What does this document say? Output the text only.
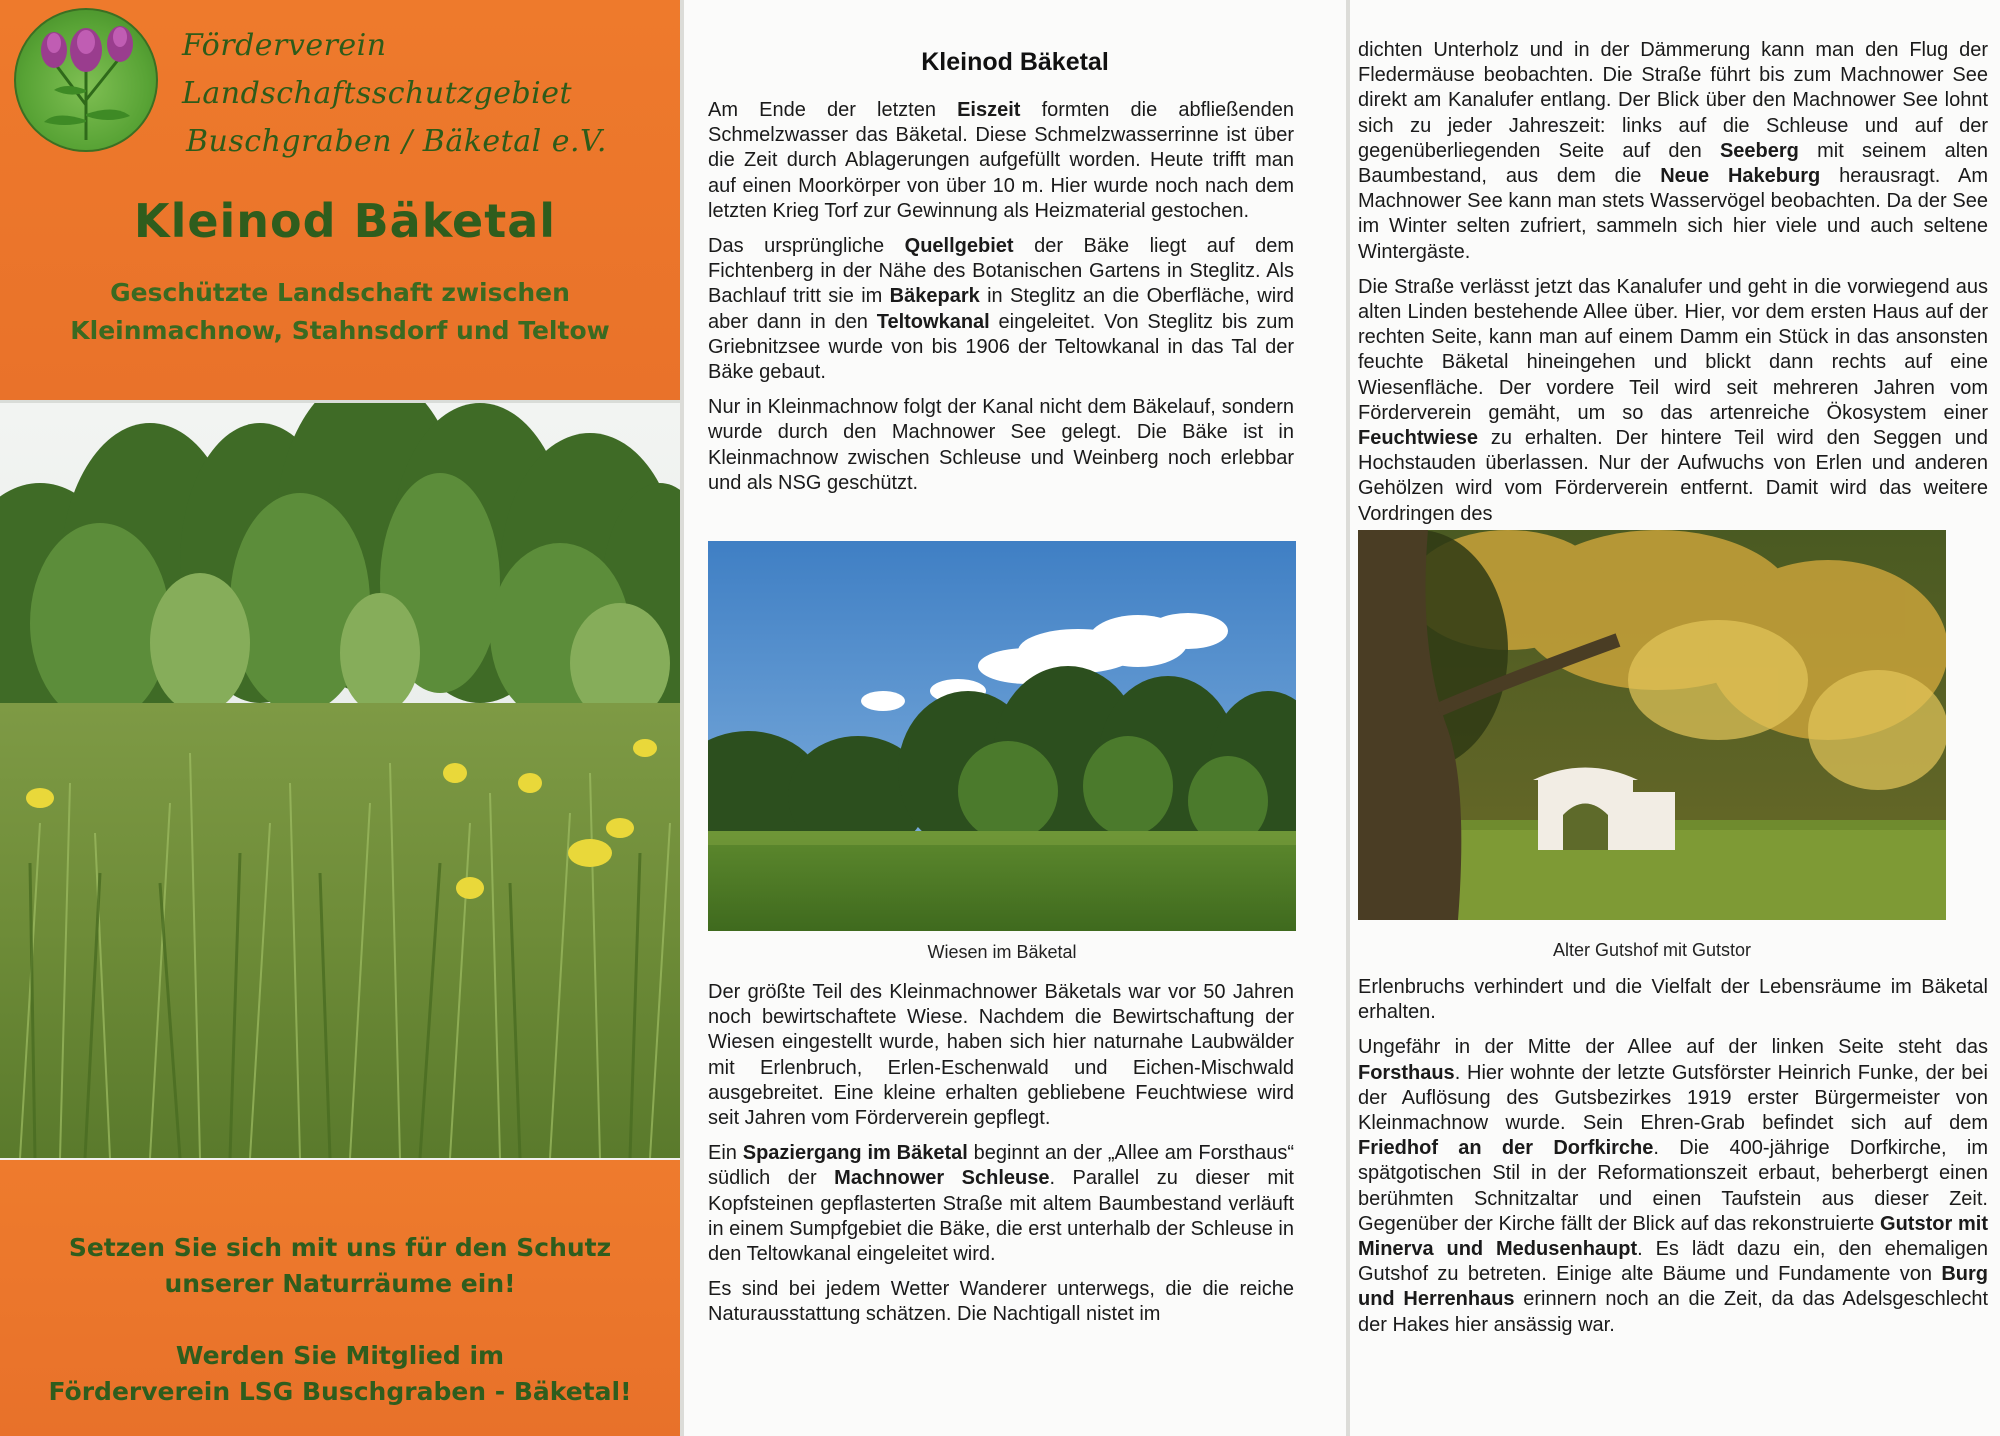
Förderverein Landschaftsschutzgebiet
Buschgraben / Bäketal e.V.
Kleinod Bäketal
Geschützte Landschaft zwischen
Kleinmachnow, Stahnsdorf und Teltow
Setzen Sie sich mit uns für den Schutz
unserer Naturräume ein!
Werden Sie Mitglied im
Förderverein LSG Buschgraben - Bäketal!
Kleinod Bäketal

Am Ende der letzten Eiszeit formten die abfließenden Schmelzwasser das Bäketal. Diese Schmelzwasserrinne ist über die Zeit durch Ablagerungen aufgefüllt worden. Heute trifft man auf einen Moorkörper von über 10 m. Hier wurde noch nach dem letzten Krieg Torf zur Gewinnung als Heizmaterial gestochen.

Das ursprüngliche Quellgebiet der Bäke liegt auf dem Fichtenberg in der Nähe des Botanischen Gartens in Steglitz. Als Bachlauf tritt sie im Bäkepark in Steglitz an die Oberfläche, wird aber dann in den Teltowkanal eingeleitet. Von Steglitz bis zum Griebnitzsee wurde von bis 1906 der Teltowkanal in das Tal der Bäke gebaut.

Nur in Kleinmachnow folgt der Kanal nicht dem Bäkelauf, sondern wurde durch den Machnower See gelegt. Die Bäke ist in Kleinmachnow zwischen Schleuse und Weinberg noch erlebbar und als NSG geschützt.

Wiesen im Bäketal

Der größte Teil des Kleinmachnower Bäketals war vor 50 Jahren noch bewirtschaftete Wiese. Nachdem die Bewirtschaftung der Wiesen eingestellt wurde, haben sich hier naturnahe Laubwälder mit Erlenbruch, Erlen-Eschenwald und Eichen-Mischwald ausgebreitet. Eine kleine erhalten gebliebene Feuchtwiese wird seit Jahren vom Förderverein gepflegt.

Ein Spaziergang im Bäketal beginnt an der „Allee am Forsthaus“ südlich der Machnower Schleuse. Parallel zu dieser mit Kopfsteinen gepflasterten Straße mit altem Baumbestand verläuft in einem Sumpfgebiet die Bäke, die erst unterhalb der Schleuse in den Teltowkanal eingeleitet wird.

Es sind bei jedem Wetter Wanderer unterwegs, die die reiche Naturausstattung schätzen. Die Nachtigall nistet im

dichten Unterholz und in der Dämmerung kann man den Flug der Fledermäuse beobachten. Die Straße führt bis zum Machnower See direkt am Kanalufer entlang. Der Blick über den Machnower See lohnt sich zu jeder Jahreszeit: links auf die Schleuse und auf der gegenüberliegenden Seite auf den Seeberg mit seinem alten Baumbestand, aus dem die Neue Hakeburg herausragt. Am Machnower See kann man stets Wasservögel beobachten. Da der See im Winter selten zufriert, sammeln sich hier viele und auch seltene Wintergäste.

Die Straße verlässt jetzt das Kanalufer und geht in die vorwiegend aus alten Linden bestehende Allee über. Hier, vor dem ersten Haus auf der rechten Seite, kann man auf einem Damm ein Stück in das ansonsten feuchte Bäketal hineingehen und blickt dann rechts auf eine Wiesenfläche. Der vordere Teil wird seit mehreren Jahren vom Förderverein gemäht, um so das artenreiche Ökosystem einer Feuchtwiese zu erhalten. Der hintere Teil wird den Seggen und Hochstauden überlassen. Nur der Aufwuchs von Erlen und anderen Gehölzen wird vom Förderverein entfernt. Damit wird das weitere Vordringen des

Alter Gutshof mit Gutstor

Erlenbruchs verhindert und die Vielfalt der Lebensräume im Bäketal erhalten.

Ungefähr in der Mitte der Allee auf der linken Seite steht das Forsthaus. Hier wohnte der letzte Gutsförster Heinrich Funke, der bei der Auflösung des Gutsbezirkes 1919 erster Bürgermeister von Kleinmachnow wurde. Sein Ehren-Grab befindet sich auf dem Friedhof an der Dorfkirche. Die 400-jährige Dorfkirche, im spätgotischen Stil in der Reformationszeit erbaut, beherbergt einen berühmten Schnitzaltar und einen Taufstein aus dieser Zeit. Gegenüber der Kirche fällt der Blick auf das rekonstruierte Gutstor mit Minerva und Medusenhaupt. Es lädt dazu ein, den ehemaligen Gutshof zu betreten. Einige alte Bäume und Fundamente von Burg und Herrenhaus erinnern noch an die Zeit, da das Adelsgeschlecht der Hakes hier ansässig war.
